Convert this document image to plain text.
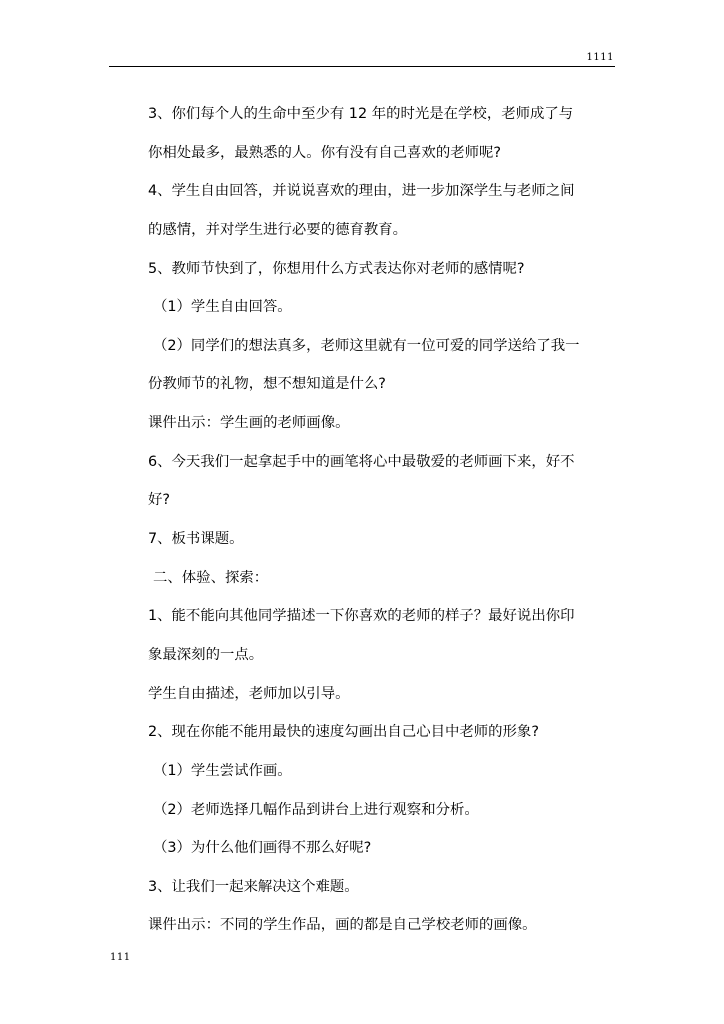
1111
3、你们每个人的生命中至少有 12 年的时光是在学校，老师成了与
你相处最多，最熟悉的人。你有没有自己喜欢的老师呢?
4、学生自由回答，并说说喜欢的理由，进一步加深学生与老师之间
的感情，并对学生进行必要的德育教育。
5、教师节快到了，你想用什么方式表达你对老师的感情呢?
（1）学生自由回答。
（2）同学们的想法真多，老师这里就有一位可爱的同学送给了我一
份教师节的礼物，想不想知道是什么?
课件出示：学生画的老师画像。
6、今天我们一起拿起手中的画笔将心中最敬爱的老师画下来，好不
好?
7、板书课题。
二、体验、探索：
1、能不能向其他同学描述一下你喜欢的老师的样子？最好说出你印
象最深刻的一点。
学生自由描述，老师加以引导。
2、现在你能不能用最快的速度勾画出自己心目中老师的形象?
（1）学生尝试作画。
（2）老师选择几幅作品到讲台上进行观察和分析。
（3）为什么他们画得不那么好呢?
3、让我们一起来解决这个难题。
课件出示：不同的学生作品，画的都是自己学校老师的画像。
111
